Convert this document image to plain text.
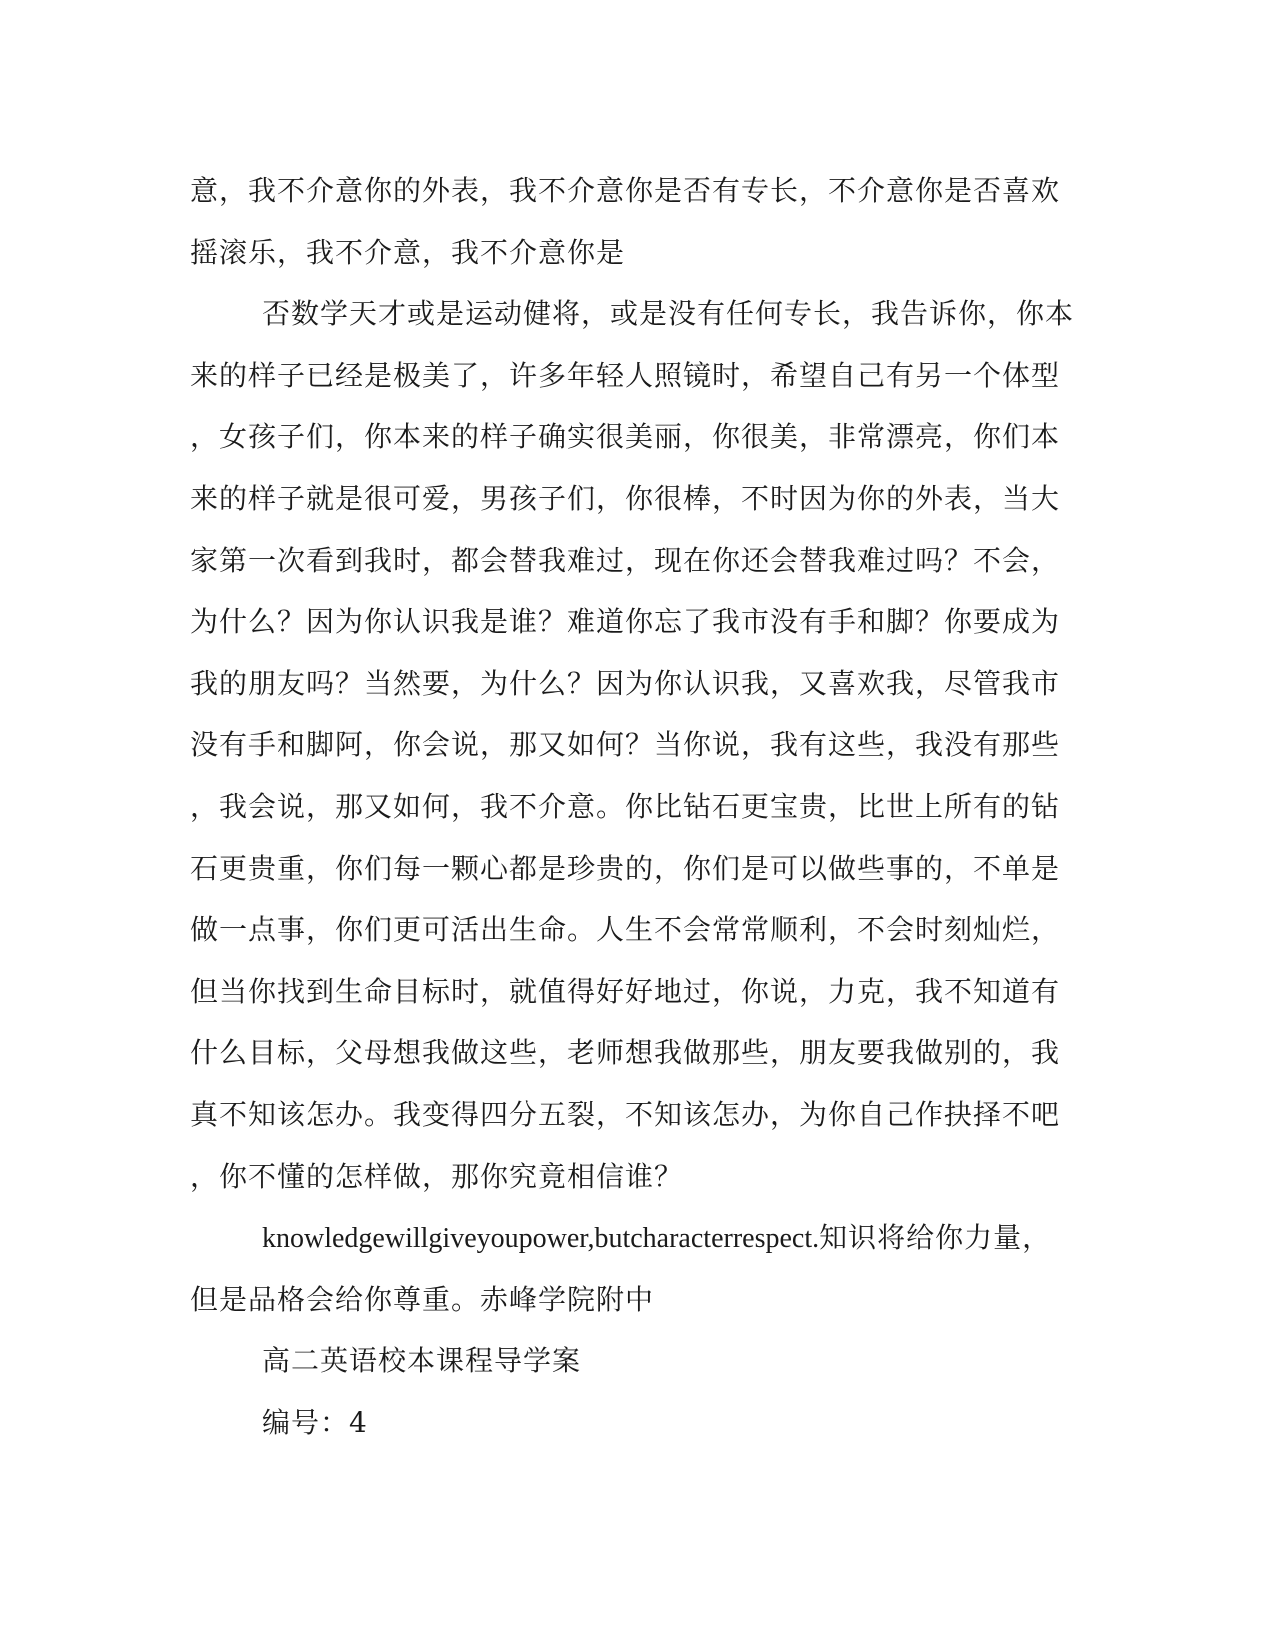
意，我不介意你的外表，我不介意你是否有专长，不介意你是否喜欢
摇滚乐，我不介意，我不介意你是
否数学天才或是运动健将，或是没有任何专长，我告诉你，你本
来的样子已经是极美了，许多年轻人照镜时，希望自己有另一个体型
，女孩子们，你本来的样子确实很美丽，你很美，非常漂亮，你们本
来的样子就是很可爱，男孩子们，你很棒，不时因为你的外表，当大
家第一次看到我时，都会替我难过，现在你还会替我难过吗？不会，
为什么？因为你认识我是谁？难道你忘了我市没有手和脚？你要成为
我的朋友吗？当然要，为什么？因为你认识我，又喜欢我，尽管我市
没有手和脚阿，你会说，那又如何？当你说，我有这些，我没有那些
，我会说，那又如何，我不介意。你比钻石更宝贵，比世上所有的钻
石更贵重，你们每一颗心都是珍贵的，你们是可以做些事的，不单是
做一点事，你们更可活出生命。人生不会常常顺利，不会时刻灿烂，
但当你找到生命目标时，就值得好好地过，你说，力克，我不知道有
什么目标，父母想我做这些，老师想我做那些，朋友要我做别的，我
真不知该怎办。我变得四分五裂，不知该怎办，为你自己作抉择不吧
，你不懂的怎样做，那你究竟相信谁？
knowledgewillgiveyoupower,butcharacterrespect.知识将给你力量，
但是品格会给你尊重。赤峰学院附中
高二英语校本课程导学案
编号：4
